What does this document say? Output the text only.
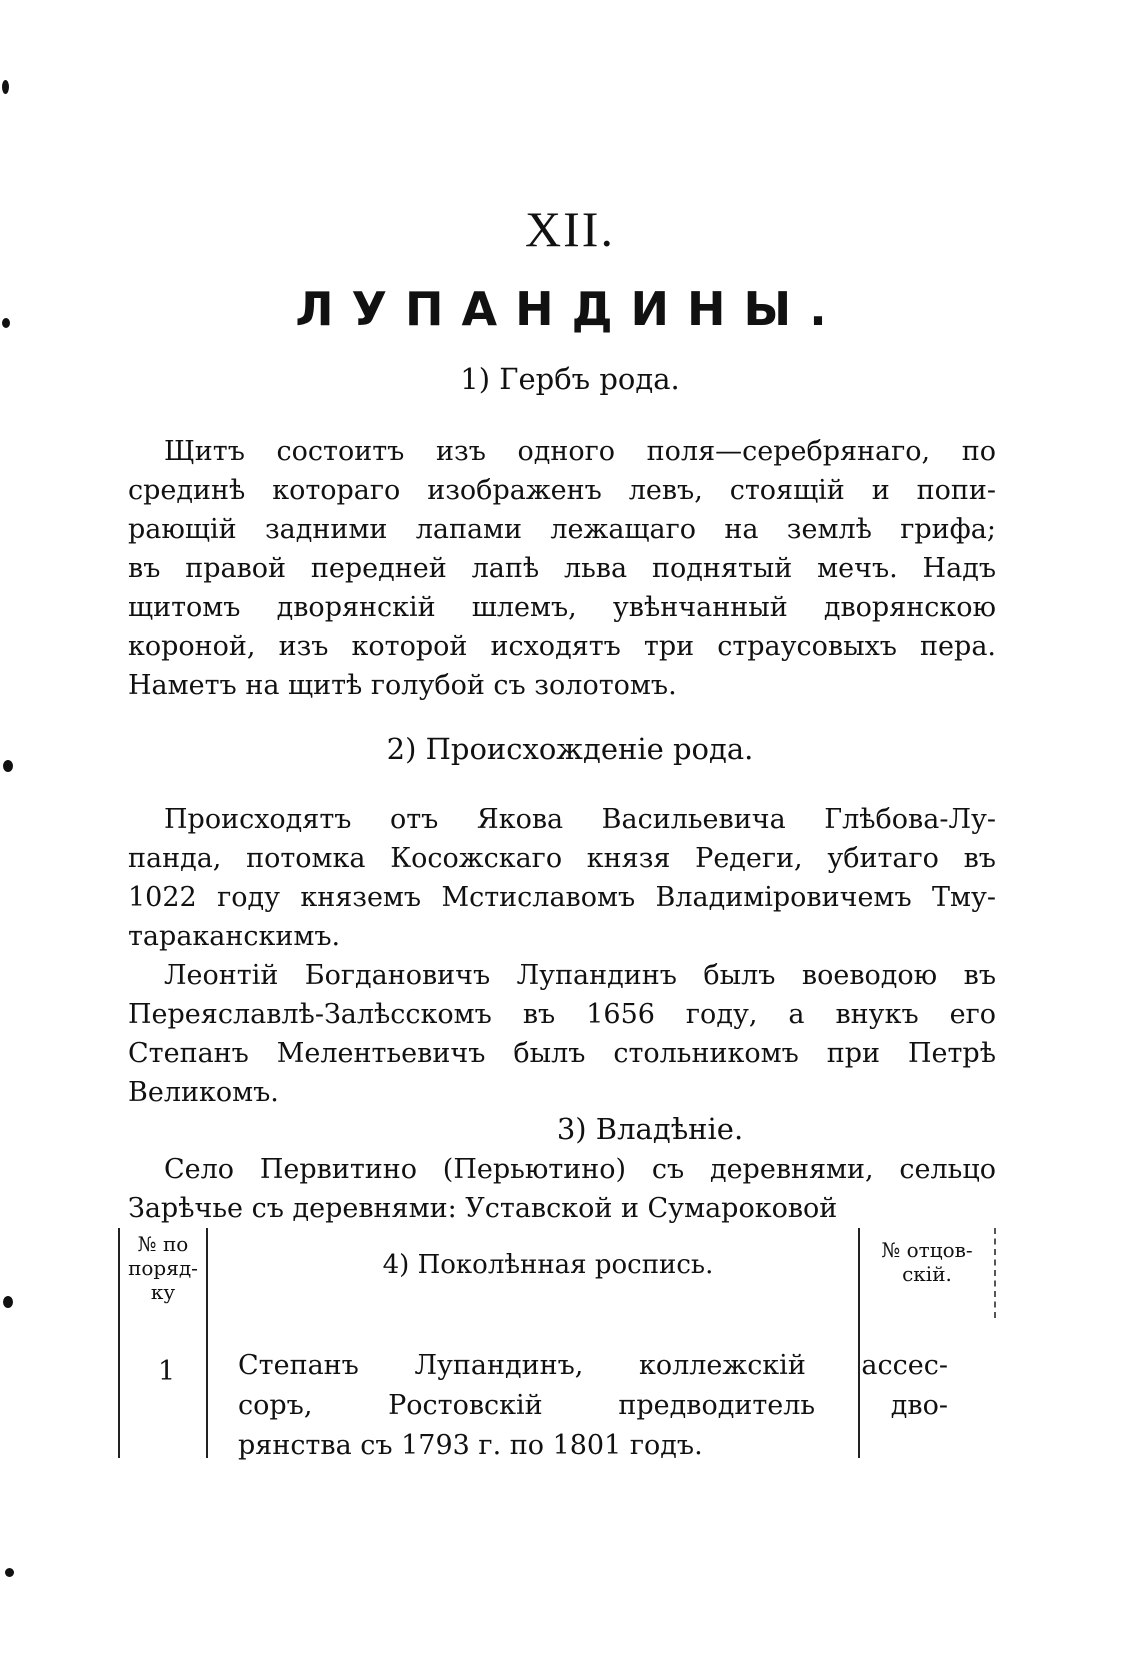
XII.
ЛУПАНДИНЫ.
1) Гербъ рода.
Щитъ состоитъ изъ одного поля—серебрянаго, по
срединѣ котораго изображенъ левъ, стоящій и попи-
рающій задними лапами лежащаго на землѣ грифа;
въ правой передней лапѣ льва поднятый мечъ. Надъ
щитомъ дворянскій шлемъ, увѣнчанный дворянскою
короной, изъ которой исходятъ три страусовыхъ пера.
Наметъ на щитѣ голубой съ золотомъ.
2) Происхожденіе рода.
Происходятъ отъ Якова Васильевича Глѣбова-Лу-
панда, потомка Косожскаго князя Редеги, убитаго въ
1022 году княземъ Мстиславомъ Владиміровичемъ Тму-
тараканскимъ.
Леонтій Богдановичъ Лупандинъ былъ воеводою въ
Переяславлѣ-Залѣсскомъ въ 1656 году, а внукъ его
Степанъ Мелентьевичъ былъ стольникомъ при Петрѣ
Великомъ.
3) Владѣніе.
Село Первитино (Перьютино) съ деревнями, сельцо
Зарѣчье съ деревнями: Уставской и Сумароковой
№ по
поряд-
ку
4) Поколѣнная роспись.	№ отцов-
скій.
1 Степанъ Лупандинъ, коллежскій ассес-
соръ, Ростовскій предводитель дво-
рянства съ 1793 г. по 1801 годъ.
